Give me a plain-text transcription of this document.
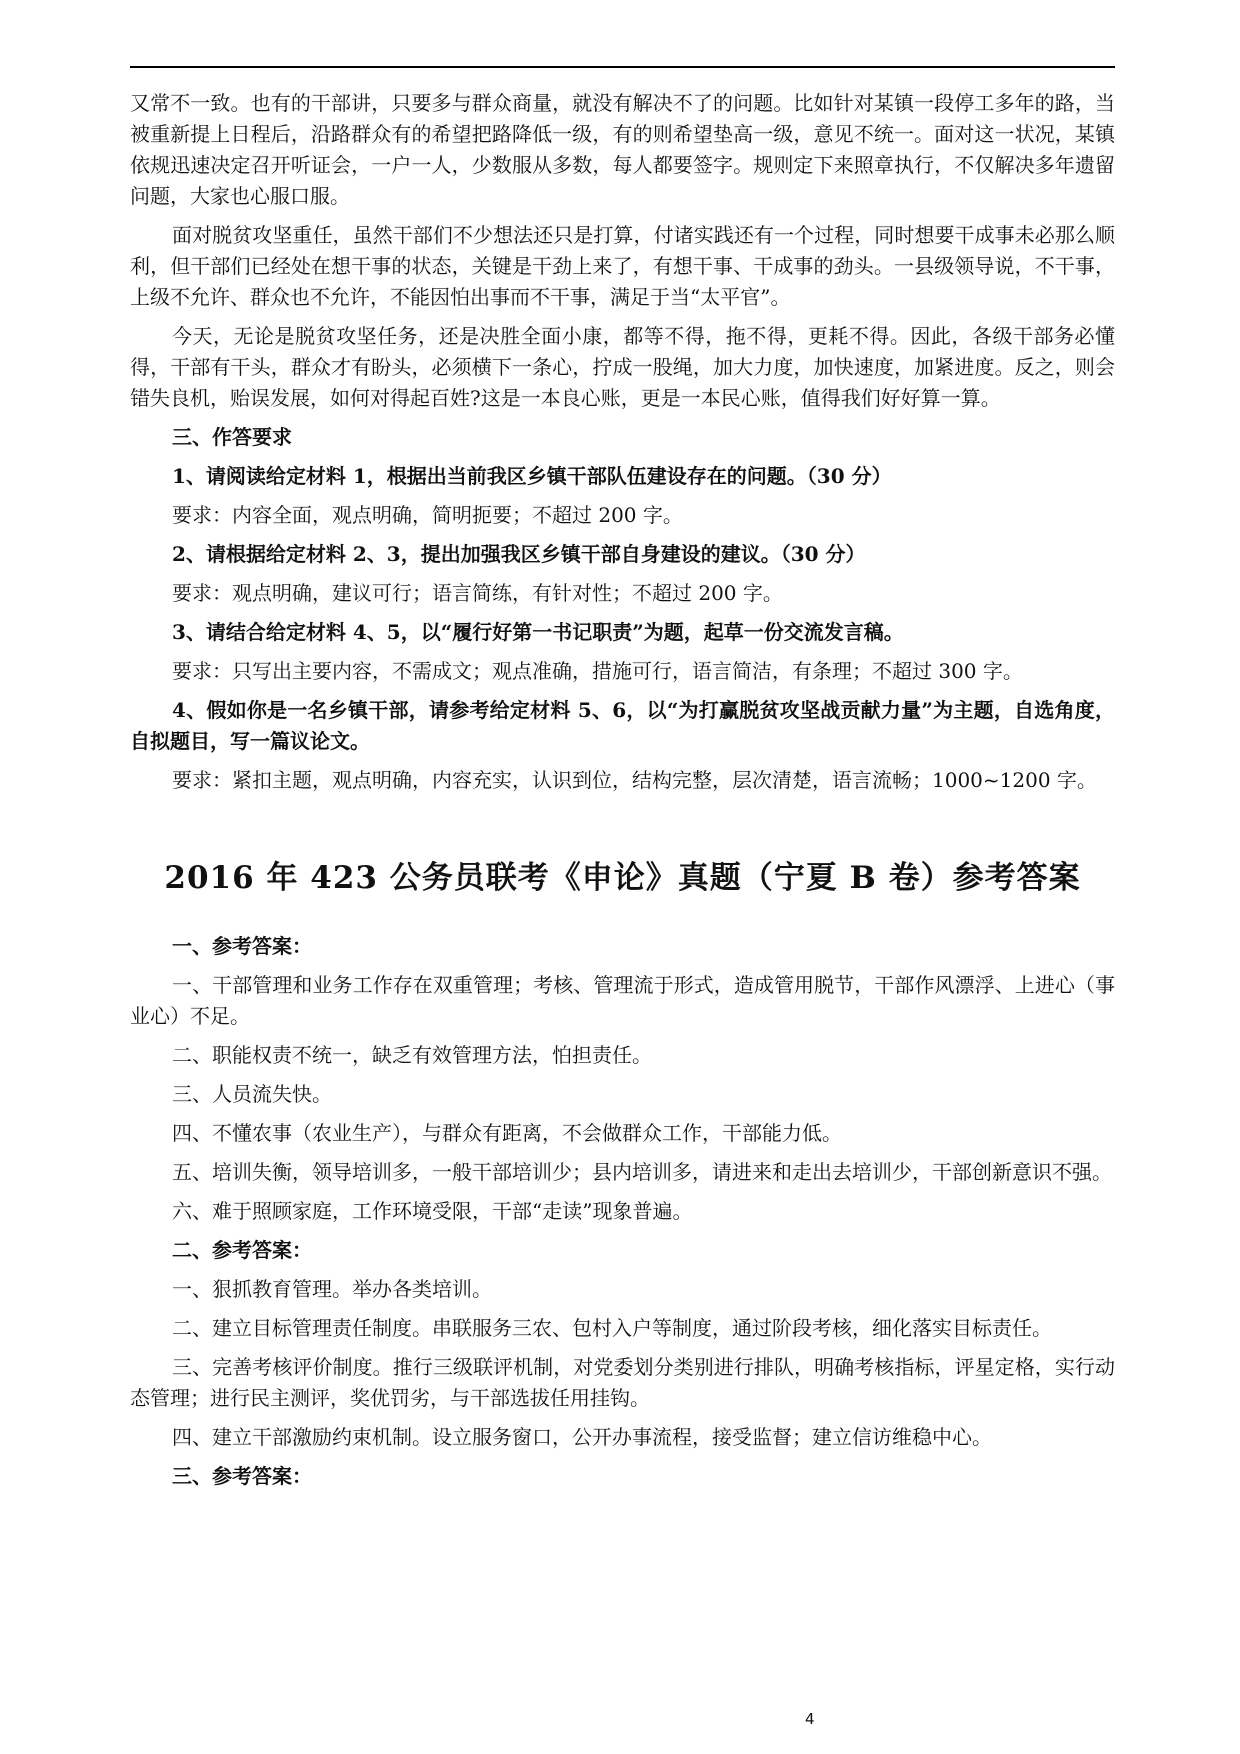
又常不一致。也有的干部讲，只要多与群众商量，就没有解决不了的问题。比如针对某镇一段停工多年的路，当被重新提上日程后，沿路群众有的希望把路降低一级，有的则希望垫高一级，意见不统一。面对这一状况，某镇依规迅速决定召开听证会，一户一人，少数服从多数，每人都要签字。规则定下来照章执行，不仅解决多年遗留问题，大家也心服口服。

面对脱贫攻坚重任，虽然干部们不少想法还只是打算，付诸实践还有一个过程，同时想要干成事未必那么顺利，但干部们已经处在想干事的状态，关键是干劲上来了，有想干事、干成事的劲头。一县级领导说，不干事，上级不允许、群众也不允许，不能因怕出事而不干事，满足于当“太平官”。

今天，无论是脱贫攻坚任务，还是决胜全面小康，都等不得，拖不得，更耗不得。因此，各级干部务必懂得，干部有干头，群众才有盼头，必须横下一条心，拧成一股绳，加大力度，加快速度，加紧进度。反之，则会错失良机，贻误发展，如何对得起百姓?这是一本良心账，更是一本民心账，值得我们好好算一算。

三、作答要求

1、请阅读给定材料 1，根据出当前我区乡镇干部队伍建设存在的问题。（30 分）

要求：内容全面，观点明确，简明扼要；不超过 200 字。

2、请根据给定材料 2、3，提出加强我区乡镇干部自身建设的建议。（30 分）

要求：观点明确，建议可行；语言简练，有针对性；不超过 200 字。

3、请结合给定材料 4、5，以“履行好第一书记职责”为题，起草一份交流发言稿。

要求：只写出主要内容，不需成文；观点准确，措施可行，语言简洁，有条理；不超过 300 字。

4、假如你是一名乡镇干部，请参考给定材料 5、6，以“为打赢脱贫攻坚战贡献力量”为主题，自选角度，自拟题目，写一篇议论文。

要求：紧扣主题，观点明确，内容充实，认识到位，结构完整，层次清楚，语言流畅；1000~1200 字。

2016 年 423 公务员联考《申论》真题（宁夏 B 卷）参考答案

一、参考答案：

一、干部管理和业务工作存在双重管理；考核、管理流于形式，造成管用脱节，干部作风漂浮、上进心（事业心）不足。

二、职能权责不统一，缺乏有效管理方法，怕担责任。

三、人员流失快。

四、不懂农事（农业生产），与群众有距离，不会做群众工作，干部能力低。

五、培训失衡，领导培训多，一般干部培训少；县内培训多，请进来和走出去培训少，干部创新意识不强。

六、难于照顾家庭，工作环境受限，干部“走读”现象普遍。

二、参考答案：

一、狠抓教育管理。举办各类培训。

二、建立目标管理责任制度。串联服务三农、包村入户等制度，通过阶段考核，细化落实目标责任。

三、完善考核评价制度。推行三级联评机制，对党委划分类别进行排队，明确考核指标，评星定格，实行动态管理；进行民主测评，奖优罚劣，与干部选拔任用挂钩。

四、建立干部激励约束机制。设立服务窗口，公开办事流程，接受监督；建立信访维稳中心。

三、参考答案：

4
